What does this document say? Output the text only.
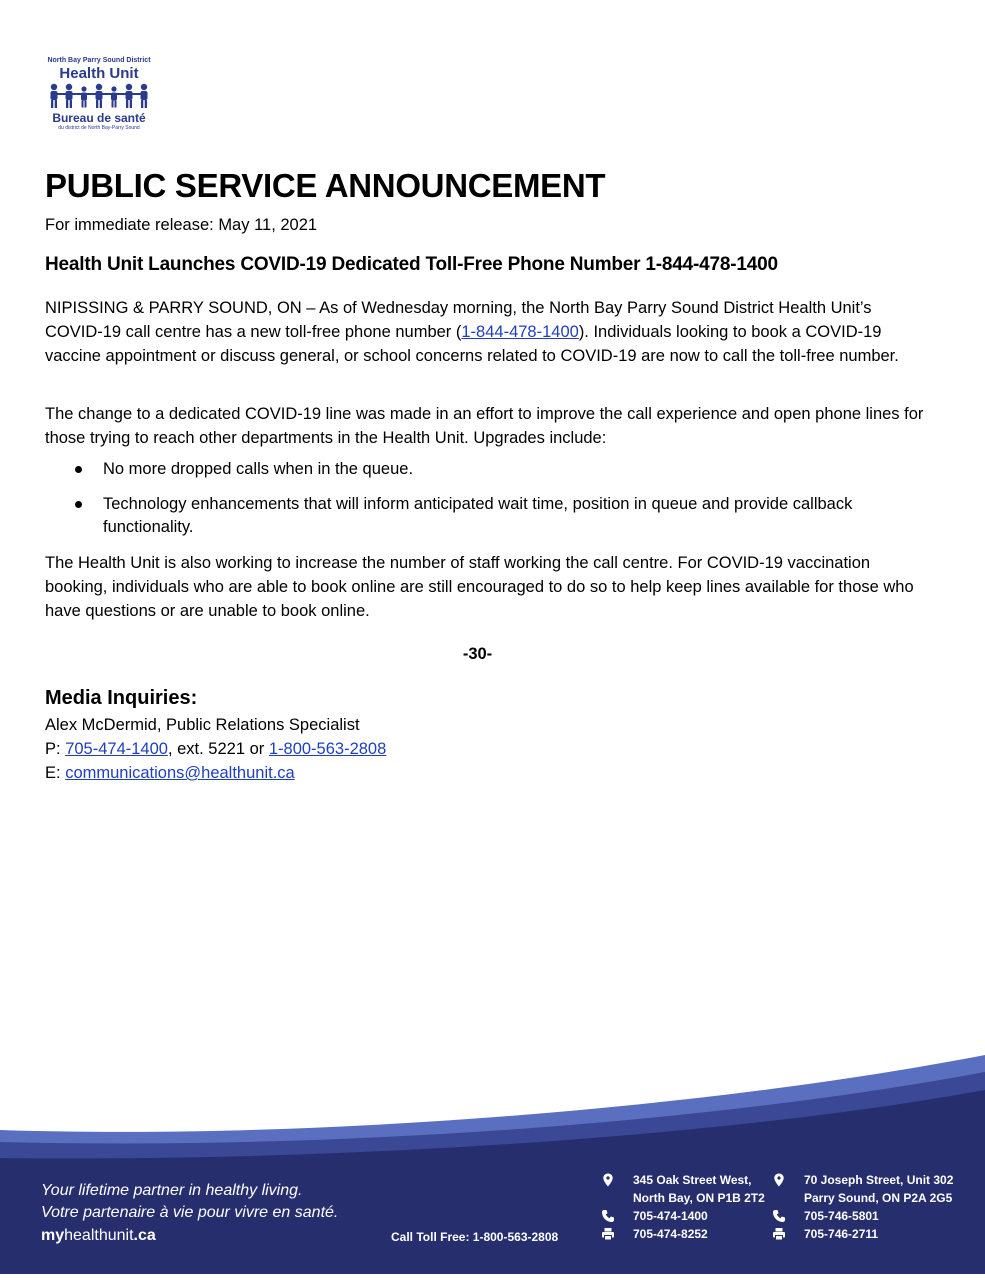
North Bay Parry Sound District
Health Unit
Bureau de santé
du district de North Bay-Parry Sound
PUBLIC SERVICE ANNOUNCEMENT
For immediate release: May 11, 2021
Health Unit Launches COVID-19 Dedicated Toll-Free Phone Number 1-844-478-1400

NIPISSING & PARRY SOUND, ON – As of Wednesday morning, the North Bay Parry Sound District Health Unit’s COVID-19 call centre has a new toll-free phone number (1-844-478-1400). Individuals looking to book a COVID-19 vaccine appointment or discuss general, or school concerns related to COVID-19 are now to call the toll-free number.

The change to a dedicated COVID-19 line was made in an effort to improve the call experience and open phone lines for those trying to reach other departments in the Health Unit. Upgrades include:

No more dropped calls when in the queue.
Technology enhancements that will inform anticipated wait time, position in queue and provide callback functionality.

The Health Unit is also working to increase the number of staff working the call centre. For COVID-19 vaccination booking, individuals who are able to book online are still encouraged to do so to help keep lines available for those who have questions or are unable to book online.

-30-
Media Inquiries:
Alex McDermid, Public Relations Specialist
P: 705-474-1400, ext. 5221 or 1-800-563-2808
E: communications@healthunit.ca
Your lifetime partner in healthy living.
Votre partenaire à vie pour vivre en santé.
myhealthunit.ca	Call Toll Free: 1-800-563-2808
345 Oak Street West,
North Bay, ON P1B 2T2
705-474-1400
705-474-8252
70 Joseph Street, Unit 302
Parry Sound, ON P2A 2G5
705-746-5801
705-746-2711
